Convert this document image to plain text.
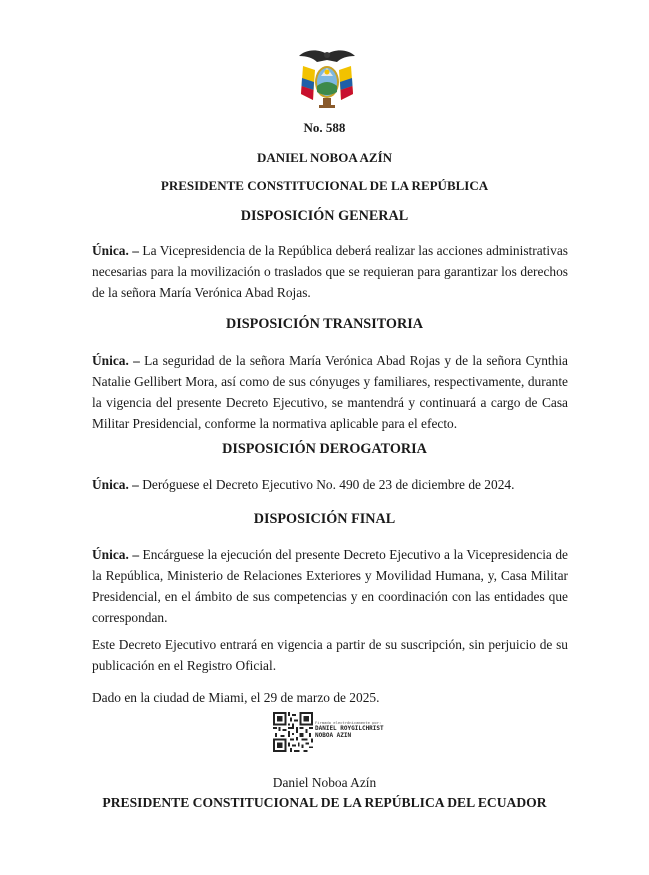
No. 588
DANIEL NOBOA AZÍN
PRESIDENTE CONSTITUCIONAL DE LA REPÚBLICA
DISPOSICIÓN GENERAL

Única. – La Vicepresidencia de la República deberá realizar las acciones administrativas necesarias para la movilización o traslados que se requieran para garantizar los derechos de la señora María Verónica Abad Rojas.

DISPOSICIÓN TRANSITORIA

Única. – La seguridad de la señora María Verónica Abad Rojas y de la señora Cynthia Natalie Gellibert Mora, así como de sus cónyuges y familiares, respectivamente, durante la vigencia del presente Decreto Ejecutivo, se mantendrá y continuará a cargo de Casa Militar Presidencial, conforme la normativa aplicable para el efecto.

DISPOSICIÓN DEROGATORIA

Única. – Deróguese el Decreto Ejecutivo No. 490 de 23 de diciembre de 2024.

DISPOSICIÓN FINAL

Única. – Encárguese la ejecución del presente Decreto Ejecutivo a la Vicepresidencia de la República, Ministerio de Relaciones Exteriores y Movilidad Humana, y, Casa Militar Presidencial, en el ámbito de sus competencias y en coordinación con las entidades que correspondan.

Este Decreto Ejecutivo entrará en vigencia a partir de su suscripción, sin perjuicio de su publicación en el Registro Oficial.

Dado en la ciudad de Miami, el 29 de marzo de 2025.

Firmado electrónicamente por:
DANIEL ROYGILCHRIST
NOBOA AZIN
Daniel Noboa Azín
PRESIDENTE CONSTITUCIONAL DE LA REPÚBLICA DEL ECUADOR
